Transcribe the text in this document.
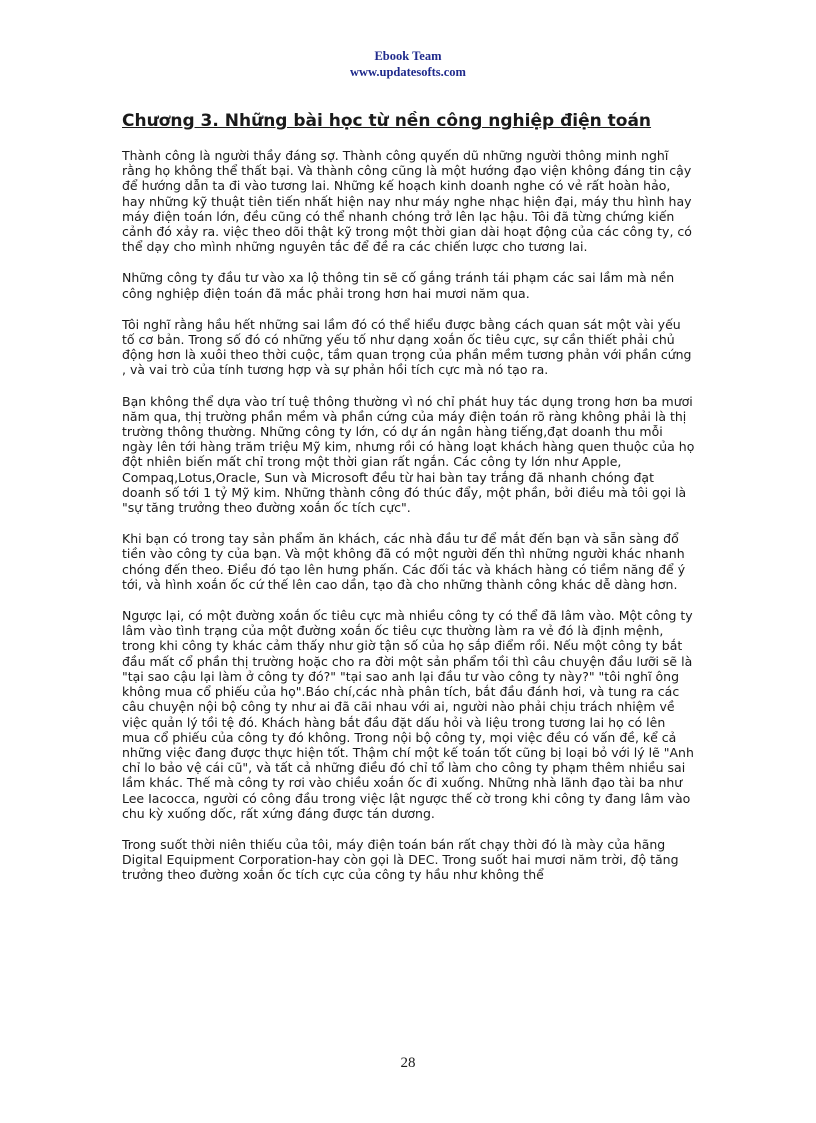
Ebook Team
www.updatesofts.com
Chương 3. Những bài học từ nền công nghiệp điện toán

Thành công là người thầy đáng sợ. Thành công quyến dũ những người thông minh nghĩ rằng họ không thể thất bại. Và thành công cũng là một hướng đạo viện không đáng tin cậy để hướng dẫn ta đi vào tương lai. Những kế hoạch kinh doanh nghe có vẻ rất hoàn hảo, hay những kỹ thuật tiên tiến nhất hiện nay như máy nghe nhạc hiện đại, máy thu hình hay máy điện toán lớn, đều cũng có thể nhanh chóng trở lên lạc hậu. Tôi đã từng chứng kiến cảnh đó xảy ra. việc theo dõi thật kỹ trong một thời gian dài hoạt động của các công ty, có thể dạy cho mình những nguyên tắc để đề ra các chiến lược cho tương lai.

Những công ty đầu tư vào xa lộ thông tin sẽ cố gắng tránh tái phạm các sai lầm mà nền công nghiệp điện toán đã mắc phải trong hơn hai mươi năm qua.

Tôi nghĩ rằng hầu hết những sai lầm đó có thể hiểu được bằng cách quan sát một vài yếu tố cơ bản. Trong số đó có những yếu tố như dạng xoắn ốc tiêu cực, sự cần thiết phải chủ động hơn là xuôi theo thời cuộc, tầm quan trọng của phần mềm tương phản với phần cứng , và vai trò của tính tương hợp và sự phản hồi tích cực mà nó tạo ra.

Bạn không thể dựa vào trí tuệ thông thường vì nó chỉ phát huy tác dụng trong hơn ba mươi năm qua, thị trường phần mềm và phần cứng của máy điện toán rõ ràng không phải là thị trường thông thường. Những công ty lớn, có dự án ngân hàng tiếng,đạt doanh thu mỗi ngày lên tới hàng trăm triệu Mỹ kim, nhưng rồi có hàng loạt khách hàng quen thuộc của họ đột nhiên biến mất chỉ trong một thời gian rất ngắn. Các công ty lớn như Apple, Compaq,Lotus,Oracle, Sun và Microsoft đều từ hai bàn tay trắng đã nhanh chóng đạt doanh số tới 1 tỷ Mỹ kim. Những thành công đó thúc đẩy, một phần, bởi điều mà tôi gọi là "sự tăng trưởng theo đường xoắn ốc tích cực".

Khi bạn có trong tay sản phẩm ăn khách, các nhà đầu tư để mắt đến bạn và sẵn sàng đổ tiền vào công ty của bạn. Và một không đã có một người đến thì những người khác nhanh chóng đến theo. Điều đó tạo lên hưng phấn. Các đối tác và khách hàng có tiềm năng để ý tới, và hình xoắn ốc cứ thế lên cao dần, tạo đà cho những thành công khác dễ dàng hơn.

Ngược lại, có một đường xoắn ốc tiêu cực mà nhiều công ty có thể đã lâm vào. Một công ty lâm vào tình trạng của một đường xoắn ốc tiêu cực thường làm ra vẻ đó là định mệnh, trong khi công ty khác cảm thấy như giờ tận số của họ sắp điểm rồi. Nếu một công ty bắt đầu mất cổ phần thị trường hoặc cho ra đời một sản phẩm tồi thì câu chuyện đầu lưỡi sẽ là "tại sao cậu lại làm ở công ty đó?" "tại sao anh lại đầu tư vào công ty này?" "tôi nghĩ ông không mua cổ phiếu của họ".Báo chí,các nhà phân tích, bắt đầu đánh hơi, và tung ra các câu chuyện nội bộ công ty như ai đã cãi nhau với ai, người nào phải chịu trách nhiệm về việc quản lý tồi tệ đó. Khách hàng bắt đầu đặt dấu hỏi và liệu trong tương lai họ có lên mua cổ phiếu của công ty đó không. Trong nội bộ công ty, mọi việc đều có vấn đề, kể cả những việc đang được thực hiện tốt. Thậm chí một kế toán tốt cũng bị loại bỏ với lý lẽ "Anh chỉ lo bảo vệ cái cũ", và tất cả những điều đó chỉ tổ làm cho công ty phạm thêm nhiều sai lầm khác. Thế mà công ty rơi vào chiều xoắn ốc đi xuống. Những nhà lãnh đạo tài ba như Lee Iacocca, người có công đầu trong việc lật ngược thế cờ trong khi công ty đang lâm vào chu kỳ xuống dốc, rất xứng đáng được tán dương.

Trong suốt thời niên thiếu của tôi, máy điện toán bán rất chạy thời đó là mày của hãng Digital Equipment Corporation-hay còn gọi là DEC. Trong suốt hai mươi năm trời, độ tăng trưởng theo đường xoắn ốc tích cực của công ty hầu như không thể

28
